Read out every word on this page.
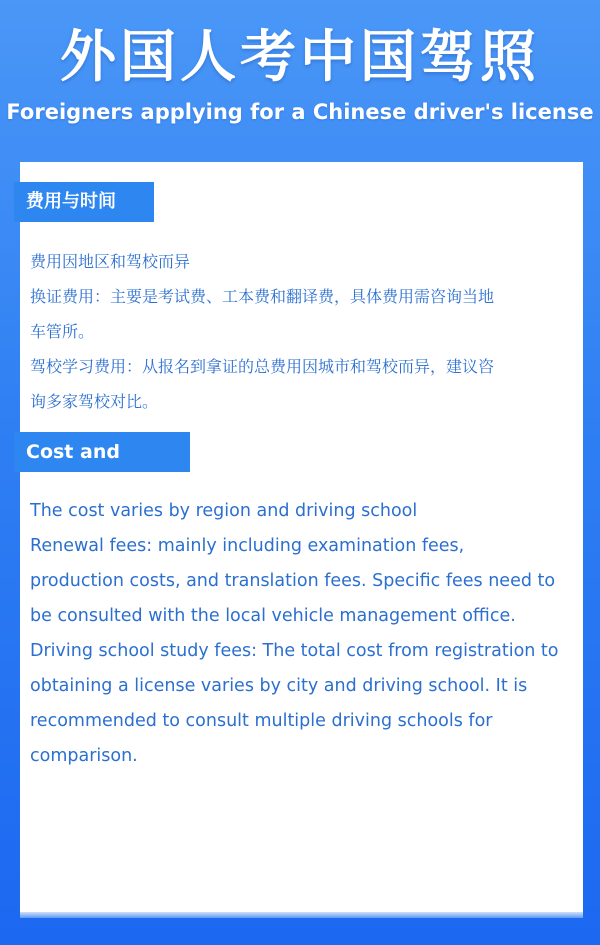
外国人考中国驾照
Foreigners applying for a Chinese driver's license
费用与时间

费用因地区和驾校而异
换证费用：主要是考试费、工本费和翻译费，具体费用需咨询当地
车管所。
驾校学习费用：从报名到拿证的总费用因城市和驾校而异，建议咨
询多家驾校对比。

Cost and Time

The cost varies by region and driving school
Renewal fees: mainly including examination fees,
production costs, and translation fees. Specific fees need to
be consulted with the local vehicle management office.
Driving school study fees: The total cost from registration to
obtaining a license varies by city and driving school. It is
recommended to consult multiple driving schools for
comparison.
